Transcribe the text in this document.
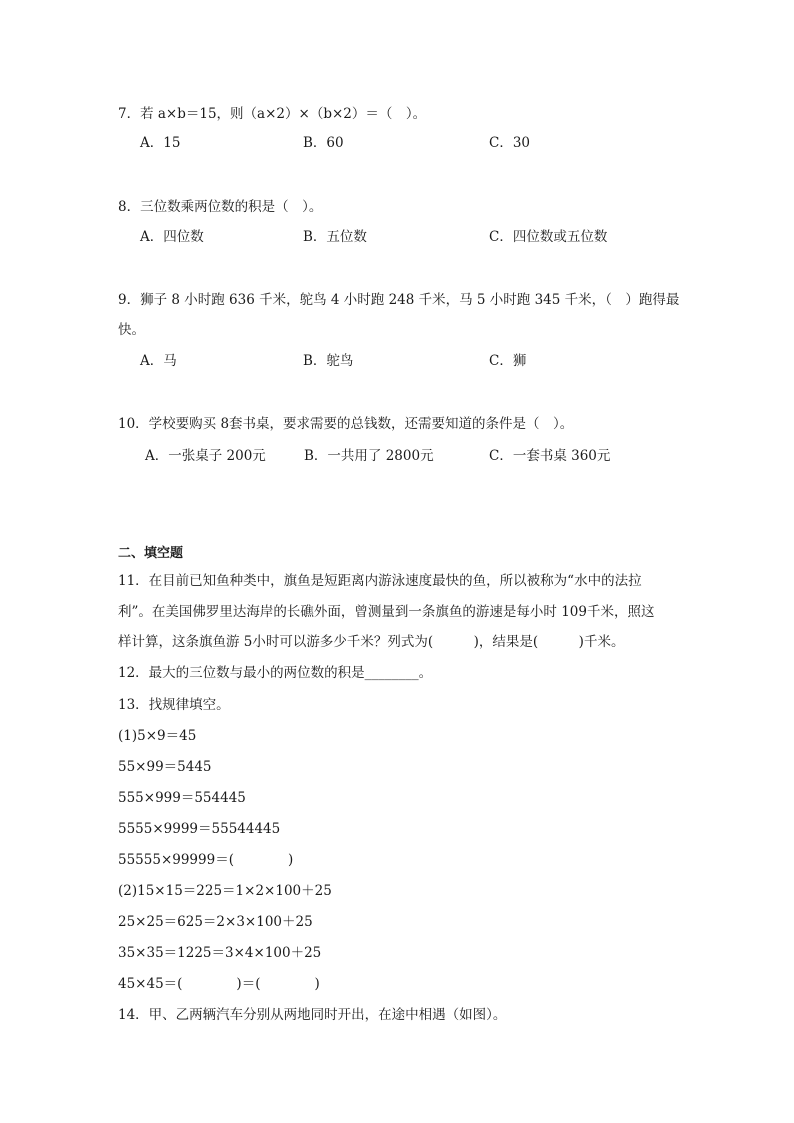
7．若 a×b＝15，则（a×2）×（b×2）＝（　）。
A．15	B．60	C．30
8．三位数乘两位数的积是（　）。
A．四位数	B．五位数	C．四位数或五位数
9．狮子 8 小时跑 636 千米，鸵鸟 4 小时跑 248 千米，马 5 小时跑 345 千米，（　）跑得最
快。
A．马	B．鸵鸟	C．狮
10．学校要购买 8套书桌，要求需要的总钱数，还需要知道的条件是（　）。
A．一张桌子 200元	B．一共用了 2800元	C．一套书桌 360元
二、填空题
11．在目前已知鱼种类中，旗鱼是短距离内游泳速度最快的鱼，所以被称为“水中的法拉
利”。在美国佛罗里达海岸的长礁外面，曾测量到一条旗鱼的游速是每小时 109千米，照这
样计算，这条旗鱼游 5小时可以游多少千米？列式为(　　　)，结果是(　　　)千米。
12．最大的三位数与最小的两位数的积是________。
13．找规律填空。
(1)5×9＝45
55×99＝5445
555×999＝554445
5555×9999＝55544445
55555×99999＝(　　　　)
(2)15×15＝225＝1×2×100＋25
25×25＝625＝2×3×100＋25
35×35＝1225＝3×4×100＋25
45×45＝(　　　　)＝(　　　　)
14．甲、乙两辆汽车分别从两地同时开出，在途中相遇（如图）。
